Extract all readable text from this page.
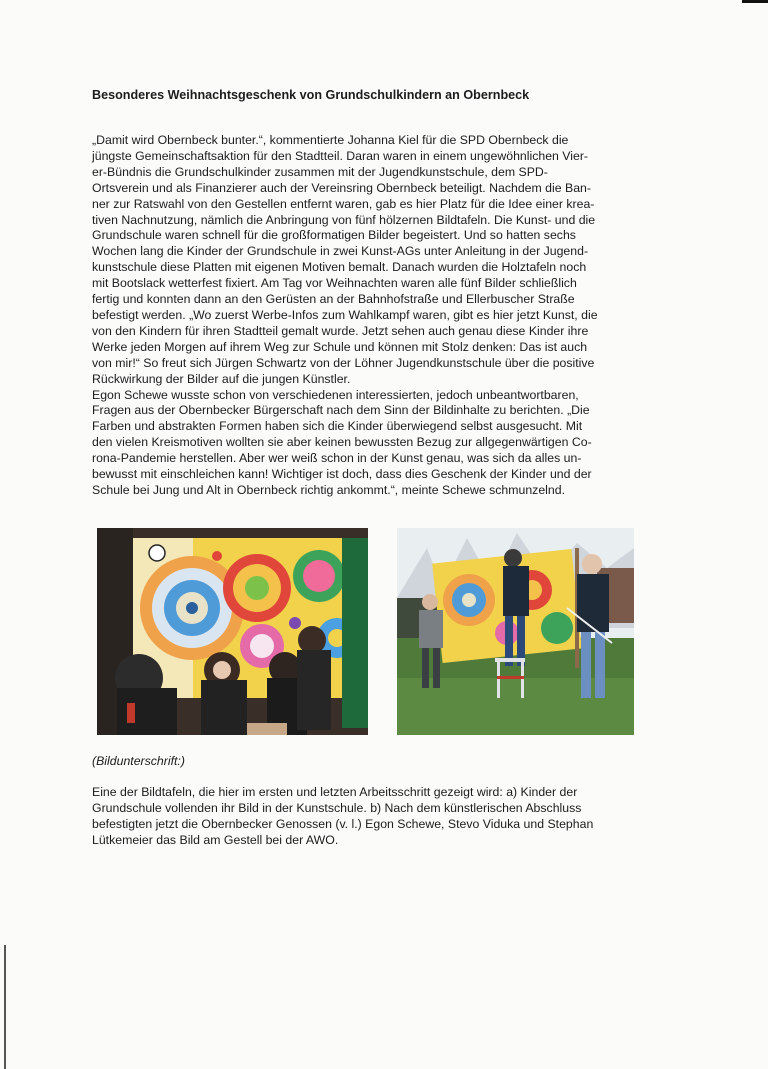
Besonderes Weihnachtsgeschenk von Grundschulkindern an Obernbeck

„Damit wird Obernbeck bunter.“, kommentierte Johanna Kiel für die SPD Obernbeck die
jüngste Gemeinschaftsaktion für den Stadtteil. Daran waren in einem ungewöhnlichen Vier-
er-Bündnis die Grundschulkinder zusammen mit der Jugendkunstschule, dem SPD-
Ortsverein und als Finanzierer auch der Vereinsring Obernbeck beteiligt. Nachdem die Ban-
ner zur Ratswahl von den Gestellen entfernt waren, gab es hier Platz für die Idee einer krea-
tiven Nachnutzung, nämlich die Anbringung von fünf hölzernen Bildtafeln. Die Kunst- und die
Grundschule waren schnell für die großformatigen Bilder begeistert. Und so hatten sechs
Wochen lang die Kinder der Grundschule in zwei Kunst-AGs unter Anleitung in der Jugend-
kunstschule diese Platten mit eigenen Motiven bemalt. Danach wurden die Holztafeln noch
mit Bootslack wetterfest fixiert. Am Tag vor Weihnachten waren alle fünf Bilder schließlich
fertig und konnten dann an den Gerüsten an der Bahnhofstraße und Ellerbuscher Straße
befestigt werden. „Wo zuerst Werbe-Infos zum Wahlkampf waren, gibt es hier jetzt Kunst, die
von den Kindern für ihren Stadtteil gemalt wurde. Jetzt sehen auch genau diese Kinder ihre
Werke jeden Morgen auf ihrem Weg zur Schule und können mit Stolz denken: Das ist auch
von mir!“ So freut sich Jürgen Schwartz von der Löhner Jugendkunstschule über die positive
Rückwirkung der Bilder auf die jungen Künstler.
Egon Schewe wusste schon von verschiedenen interessierten, jedoch unbeantwortbaren,
Fragen aus der Obernbecker Bürgerschaft nach dem Sinn der Bildinhalte zu berichten. „Die
Farben und abstrakten Formen haben sich die Kinder überwiegend selbst ausgesucht. Mit
den vielen Kreismotiven wollten sie aber keinen bewussten Bezug zur allgegenwärtigen Co-
rona-Pandemie herstellen. Aber wer weiß schon in der Kunst genau, was sich da alles un-
bewusst mit einschleichen kann! Wichtiger ist doch, dass dies Geschenk der Kinder und der
Schule bei Jung und Alt in Obernbeck richtig ankommt.“, meinte Schewe schmunzelnd.

(Bildunterschrift:)

Eine der Bildtafeln, die hier im ersten und letzten Arbeitsschritt gezeigt wird: a) Kinder der
Grundschule vollenden ihr Bild in der Kunstschule. b) Nach dem künstlerischen Abschluss
befestigten jetzt die Obernbecker Genossen (v. l.) Egon Schewe, Stevo Viduka und Stephan
Lütkemeier das Bild am Gestell bei der AWO.
